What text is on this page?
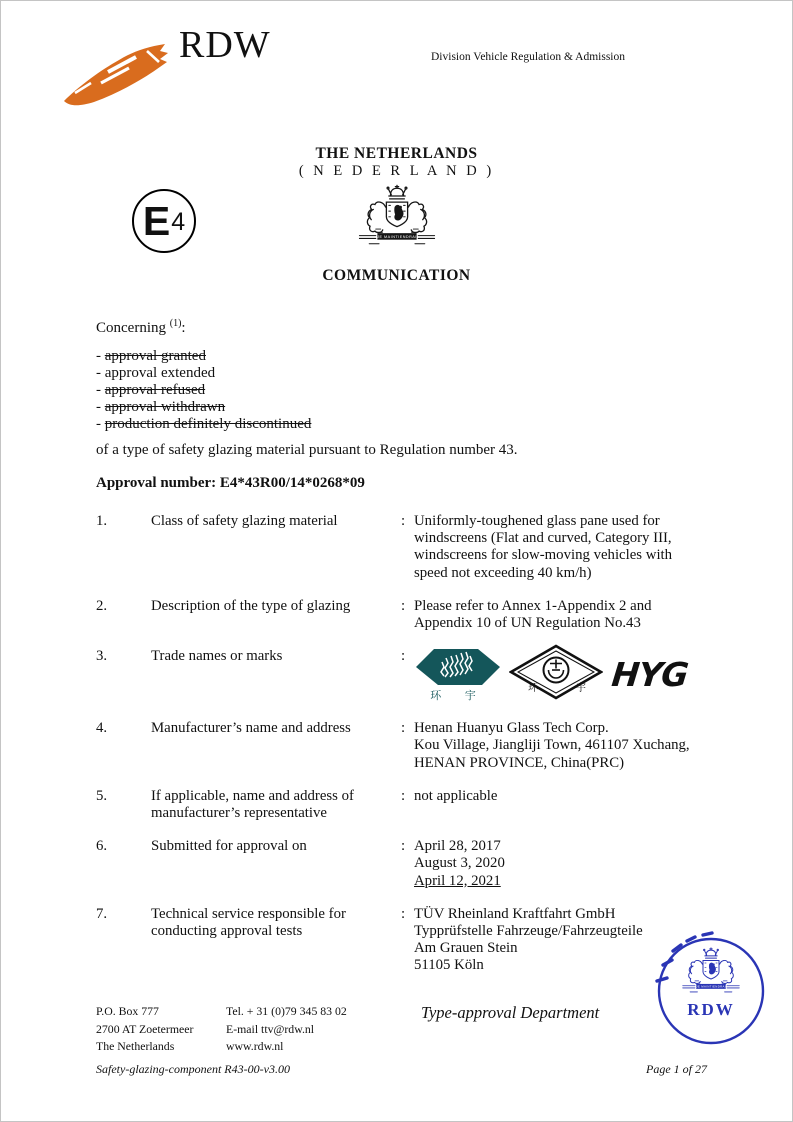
RDW	Division Vehicle Regulation & Admission
THE NETHERLANDS
( N E D E R L A N D )
COMMUNICATION
E 4
Concerning $^{(1)}$:
- approval granted
- approval extended
- approval refused
- approval withdrawn
- production definitely discontinued
of a type of safety glazing material pursuant to Regulation number 43.
Approval number: E4*43R00/14*0268*09
1.	Class of safety glazing material	: Uniformly-toughened glass pane used for
windscreens (Flat and curved, Category III,
windscreens for slow-moving vehicles with
speed not exceeding 40 km/h)
2.	Description of the type of glazing	: Please refer to Annex 1-Appendix 2 and
Appendix 10 of UN Regulation No.43
3.	Trade names or marks	:
环 宇	环	宇 HYG
4.	Manufacturer’s name and address	: Henan Huanyu Glass Tech Corp.
Kou Village, Jiangliji Town, 461107 Xuchang,
HENAN PROVINCE, China(PRC)
5.	If applicable, name and address of manufacturer’s representative
: not applicable
6.	Submitted for approval on	: April 28, 2017
August 3, 2020
April 12, 2021
7.	Technical service responsible for conducting approval tests
: TÜV Rheinland Kraftfahrt GmbH
Typprüfstelle Fahrzeuge/Fahrzeugteile
Am Grauen Stein
51105 Köln
RDW
P.O. Box 777
2700 AT Zoetermeer
The Netherlands
Tel. + 31 (0)79 345 83 02
E-mail ttv@rdw.nl
www.rdw.nl
Type-approval Department
Safety-glazing-component R43-00-v3.00	Page 1 of 27
